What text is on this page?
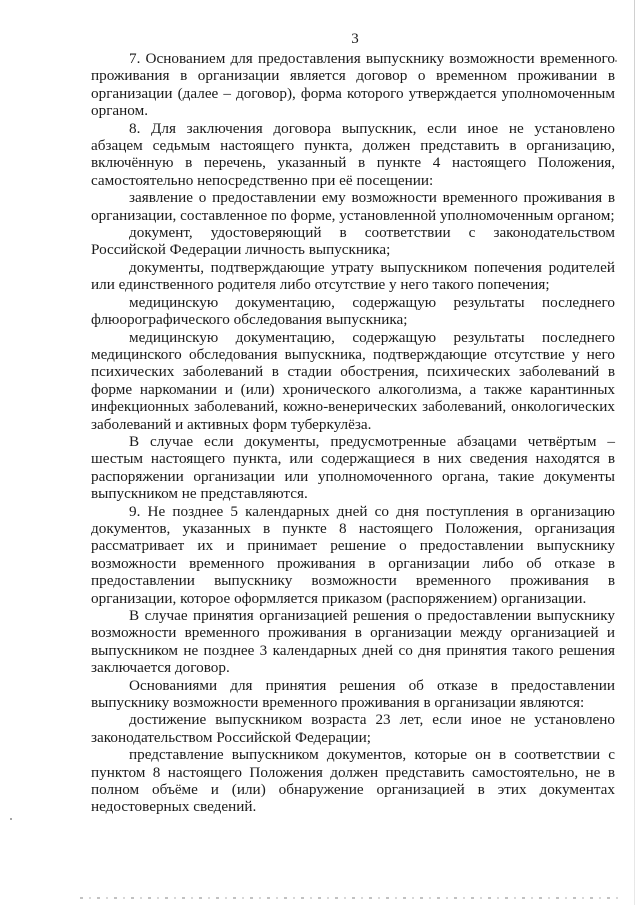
3

7. Основанием для предоставления выпускнику возможности временного проживания в организации является договор о временном проживании в организации (далее – договор), форма которого утверждается уполномоченным органом.

8. Для заключения договора выпускник, если иное не установлено абзацем седьмым настоящего пункта, должен представить в организацию, включённую в перечень, указанный в пункте 4 настоящего Положения, самостоятельно непосредственно при её посещении:

заявление о предоставлении ему возможности временного проживания в организации, составленное по форме, установленной уполномоченным органом;

документ, удостоверяющий в соответствии с законодательством Российской Федерации личность выпускника;

документы, подтверждающие утрату выпускником попечения родителей или единственного родителя либо отсутствие у него такого попечения;

медицинскую документацию, содержащую результаты последнего флюорографического обследования выпускника;

медицинскую документацию, содержащую результаты последнего медицинского обследования выпускника, подтверждающие отсутствие у него психических заболеваний в стадии обострения, психических заболеваний в форме наркомании и (или) хронического алкоголизма, а также карантинных инфекционных заболеваний, кожно-венерических заболеваний, онкологических заболеваний и активных форм туберкулёза.

В случае если документы, предусмотренные абзацами четвёртым – шестым настоящего пункта, или содержащиеся в них сведения находятся в распоряжении организации или уполномоченного органа, такие документы выпускником не представляются.

9. Не позднее 5 календарных дней со дня поступления в организацию документов, указанных в пункте 8 настоящего Положения, организация рассматривает их и принимает решение о предоставлении выпускнику возможности временного проживания в организации либо об отказе в предоставлении выпускнику возможности временного проживания в организации, которое оформляется приказом (распоряжением) организации.

В случае принятия организацией решения о предоставлении выпускнику возможности временного проживания в организации между организацией и выпускником не позднее 3 календарных дней со дня принятия такого решения заключается договор.

Основаниями для принятия решения об отказе в предоставлении выпускнику возможности временного проживания в организации являются:

достижение выпускником возраста 23 лет, если иное не установлено законодательством Российской Федерации;

представление выпускником документов, которые он в соответствии с пунктом 8 настоящего Положения должен представить самостоятельно, не в полном объёме и (или) обнаружение организацией в этих документах недостоверных сведений.
